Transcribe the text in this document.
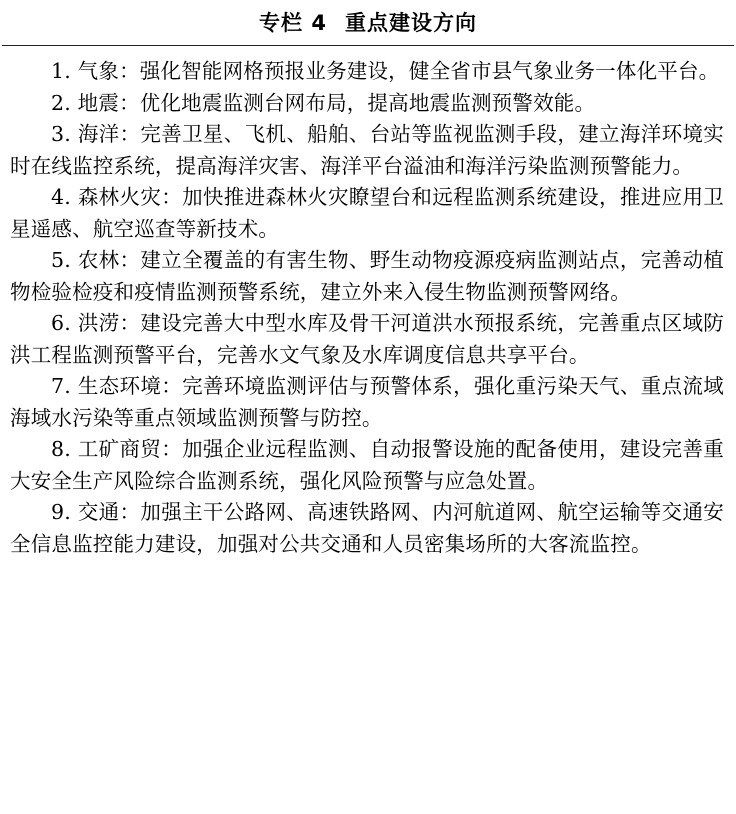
专栏 4 重点建设方向

1. 气象：强化智能网格预报业务建设，健全省市县气象业务一体化平台。

2. 地震：优化地震监测台网布局，提高地震监测预警效能。

3. 海洋：完善卫星、飞机、船舶、台站等监视监测手段，建立海洋环境实时在线监控系统，提高海洋灾害、海洋平台溢油和海洋污染监测预警能力。

4. 森林火灾：加快推进森林火灾瞭望台和远程监测系统建设，推进应用卫星遥感、航空巡查等新技术。

5. 农林：建立全覆盖的有害生物、野生动物疫源疫病监测站点，完善动植物检验检疫和疫情监测预警系统，建立外来入侵生物监测预警网络。

6. 洪涝：建设完善大中型水库及骨干河道洪水预报系统，完善重点区域防洪工程监测预警平台，完善水文气象及水库调度信息共享平台。

7. 生态环境：完善环境监测评估与预警体系，强化重污染天气、重点流域海域水污染等重点领域监测预警与防控。

8. 工矿商贸：加强企业远程监测、自动报警设施的配备使用，建设完善重大安全生产风险综合监测系统，强化风险预警与应急处置。

9. 交通：加强主干公路网、高速铁路网、内河航道网、航空运输等交通安全信息监控能力建设，加强对公共交通和人员密集场所的大客流监控。
